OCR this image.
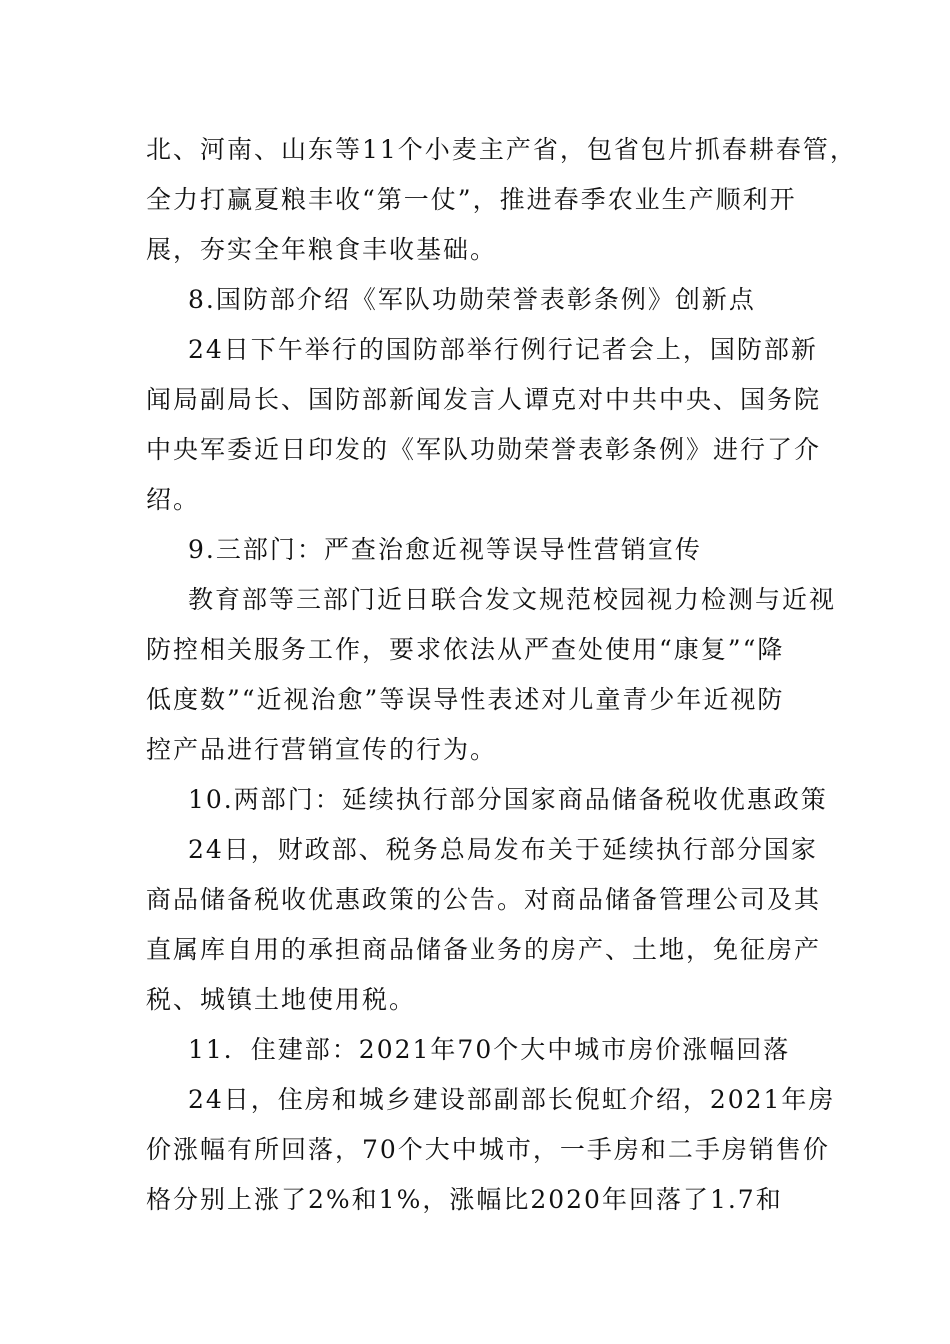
北、河南、山东等11个小麦主产省，包省包片抓春耕春管，
全力打赢夏粮丰收“第一仗”，推进春季农业生产顺利开
展，夯实全年粮食丰收基础。
8.国防部介绍《军队功勋荣誉表彰条例》创新点
24日下午举行的国防部举行例行记者会上，国防部新
闻局副局长、国防部新闻发言人谭克对中共中央、国务院
中央军委近日印发的《军队功勋荣誉表彰条例》进行了介
绍。
9.三部门：严查治愈近视等误导性营销宣传
教育部等三部门近日联合发文规范校园视力检测与近视
防控相关服务工作，要求依法从严查处使用“康复”“降
低度数”“近视治愈”等误导性表述对儿童青少年近视防
控产品进行营销宣传的行为。
10.两部门：延续执行部分国家商品储备税收优惠政策
24日，财政部、税务总局发布关于延续执行部分国家
商品储备税收优惠政策的公告。对商品储备管理公司及其
直属库自用的承担商品储备业务的房产、土地，免征房产
税、城镇土地使用税。
11．住建部：2021年70个大中城市房价涨幅回落
24日，住房和城乡建设部副部长倪虹介绍，2021年房
价涨幅有所回落，70个大中城市，一手房和二手房销售价
格分别上涨了2%和1%，涨幅比2020年回落了1.7和
